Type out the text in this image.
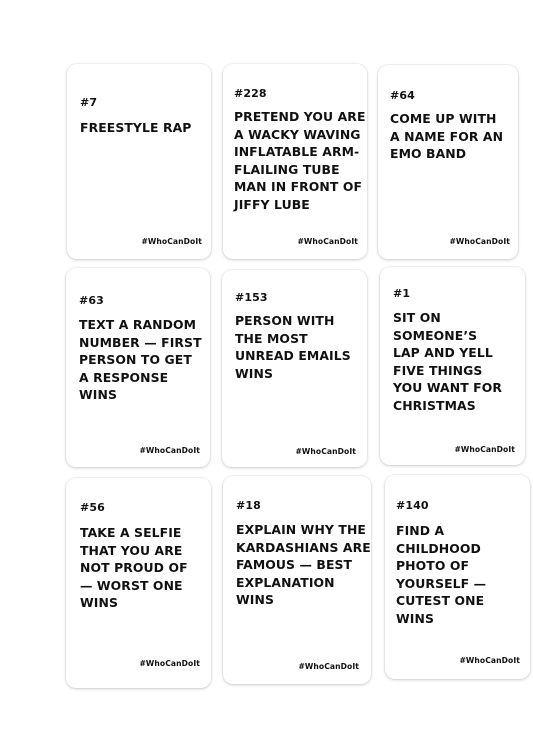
#7
FREESTYLE RAP
#WhoCanDoIt
#228
PRETEND YOU ARE
A WACKY WAVING
INFLATABLE ARM-
FLAILING TUBE
MAN IN FRONT OF
JIFFY LUBE
#WhoCanDoIt
#64
COME UP WITH
A NAME FOR AN
EMO BAND
#WhoCanDoIt
#63
TEXT A RANDOM
NUMBER — FIRST
PERSON TO GET
A RESPONSE
WINS
#WhoCanDoIt
#153
PERSON WITH
THE MOST
UNREAD EMAILS
WINS
#WhoCanDoIt
#1
SIT ON
SOMEONE’S
LAP AND YELL
FIVE THINGS
YOU WANT FOR
CHRISTMAS
#WhoCanDoIt
#56
TAKE A SELFIE
THAT YOU ARE
NOT PROUD OF
— WORST ONE
WINS
#WhoCanDoIt
#18
EXPLAIN WHY THE
KARDASHIANS ARE
FAMOUS — BEST
EXPLANATION WINS
#WhoCanDoIt
#140
FIND A
CHILDHOOD
PHOTO OF
YOURSELF —
CUTEST ONE
WINS
#WhoCanDoIt
